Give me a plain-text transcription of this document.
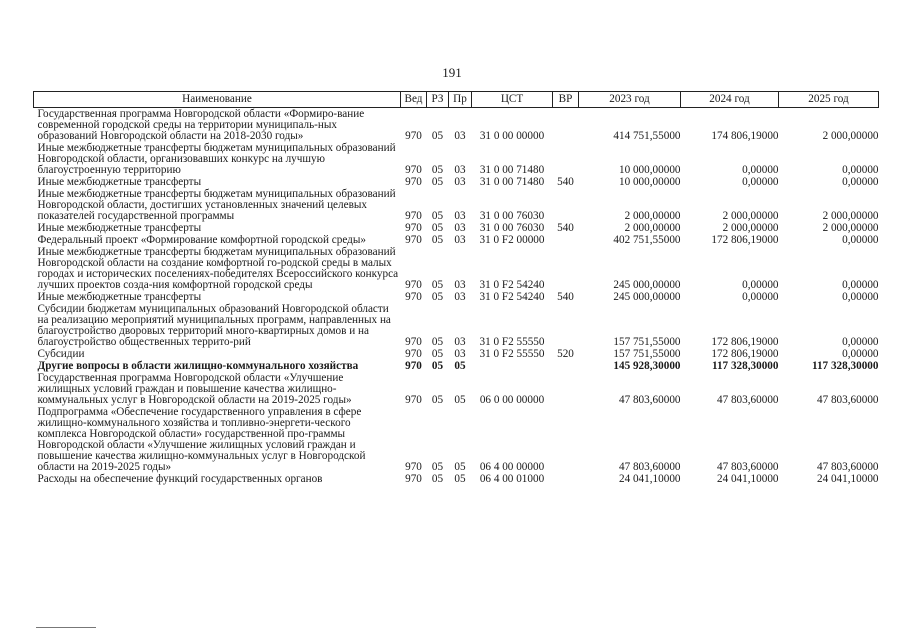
191
Наименование	Вед	РЗ	Пр	ЦСТ	ВР	2023 год	2024 год	2025 год
Государственная программа Новгородской области «Формиро-вание современной городской среды на территории муниципаль-ных образований Новгородской области на 2018-2030 годы»	970	05	03	31 0 00 00000		414 751,55000	174 806,19000	2 000,00000
Иные межбюджетные трансферты бюджетам муниципальных образований Новгородской области, организовавших конкурс на лучшую благоустроенную территорию	970	05	03	31 0 00 71480		10 000,00000	0,00000	0,00000
Иные межбюджетные трансферты	970	05	03	31 0 00 71480	540	10 000,00000	0,00000	0,00000
Иные межбюджетные трансферты бюджетам муниципальных образований Новгородской области, достигших установленных значений целевых показателей государственной программы	970	05	03	31 0 00 76030		2 000,00000	2 000,00000	2 000,00000
Иные межбюджетные трансферты	970	05	03	31 0 00 76030	540	2 000,00000	2 000,00000	2 000,00000
Федеральный проект «Формирование комфортной городской среды»	970	05	03	31 0 F2 00000		402 751,55000	172 806,19000	0,00000
Иные межбюджетные трансферты бюджетам муниципальных образований Новгородской области на создание комфортной го-родской среды в малых городах и исторических поселениях-победителях Всероссийского конкурса лучших проектов созда-ния комфортной городской среды	970	05	03	31 0 F2 54240		245 000,00000	0,00000	0,00000
Иные межбюджетные трансферты	970	05	03	31 0 F2 54240	540	245 000,00000	0,00000	0,00000
Субсидии бюджетам муниципальных образований Новгородской области на реализацию мероприятий муниципальных программ, направленных на благоустройство дворовых территорий много-квартирных домов и на благоустройство общественных террито-рий	970	05	03	31 0 F2 55550		157 751,55000	172 806,19000	0,00000
Субсидии	970	05	03	31 0 F2 55550	520	157 751,55000	172 806,19000	0,00000
Другие вопросы в области жилищно-коммунального хозяйства	970	05	05			145 928,30000	117 328,30000	117 328,30000
Государственная программа Новгородской области «Улучшение жилищных условий граждан и повышение качества жилищно-коммунальных услуг в Новгородской области на 2019-2025 годы»	970	05	05	06 0 00 00000		47 803,60000	47 803,60000	47 803,60000
Подпрограмма «Обеспечение государственного управления в сфере жилищно-коммунального хозяйства и топливно-энергети-ческого комплекса Новгородской области» государственной про-граммы Новгородской области «Улучшение жилищных условий граждан и повышение качества жилищно-коммунальных услуг в Новгородской области на 2019-2025 годы»	970	05	05	06 4 00 00000		47 803,60000	47 803,60000	47 803,60000
Расходы на обеспечение функций государственных органов	970	05	05	06 4 00 01000		24 041,10000	24 041,10000	24 041,10000
